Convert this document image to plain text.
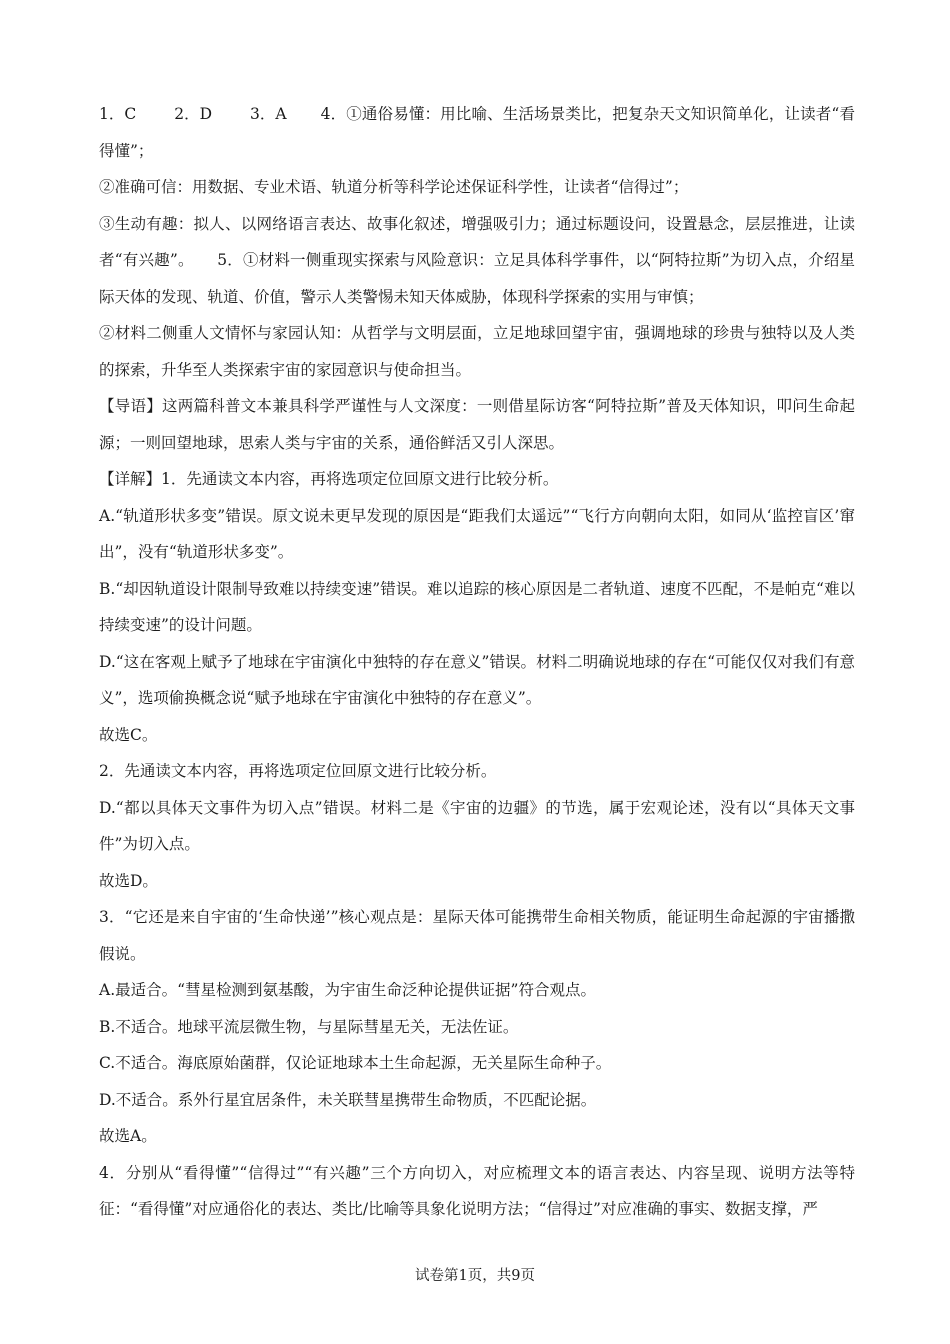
1．C 2．D 3．A 4．①通俗易懂：用比喻、生活场景类比，把复杂天文知识简单化，让读者“看得懂”；

②准确可信：用数据、专业术语、轨道分析等科学论述保证科学性，让读者“信得过”；

③生动有趣：拟人、以网络语言表达、故事化叙述，增强吸引力；通过标题设问，设置悬念，层层推进，让读者“有兴趣”。　　5．①材料一侧重现实探索与风险意识：立足具体科学事件，以“阿特拉斯”为切入点，介绍星际天体的发现、轨道、价值，警示人类警惕未知天体威胁，体现科学探索的实用与审慎；

②材料二侧重人文情怀与家园认知：从哲学与文明层面，立足地球回望宇宙，强调地球的珍贵与独特以及人类的探索，升华至人类探索宇宙的家园意识与使命担当。

【导语】这两篇科普文本兼具科学严谨性与人文深度：一则借星际访客“阿特拉斯”普及天体知识，叩问生命起源；一则回望地球，思索人类与宇宙的关系，通俗鲜活又引人深思。

【详解】1．先通读文本内容，再将选项定位回原文进行比较分析。

A.“轨道形状多变”错误。原文说未更早发现的原因是“距我们太遥远”“飞行方向朝向太阳，如同从‘监控盲区’窜出”，没有“轨道形状多变”。

B.“却因轨道设计限制导致难以持续变速”错误。难以追踪的核心原因是二者轨道、速度不匹配，不是帕克“难以持续变速”的设计问题。

D.“这在客观上赋予了地球在宇宙演化中独特的存在意义”错误。材料二明确说地球的存在“可能仅仅对我们有意义”，选项偷换概念说“赋予地球在宇宙演化中独特的存在意义”。

故选C。

2．先通读文本内容，再将选项定位回原文进行比较分析。

D.“都以具体天文事件为切入点”错误。材料二是《宇宙的边疆》的节选，属于宏观论述，没有以“具体天文事件”为切入点。

故选D。

3．“它还是来自宇宙的‘生命快递’”核心观点是：星际天体可能携带生命相关物质，能证明生命起源的宇宙播撒假说。

A.最适合。“彗星检测到氨基酸，为宇宙生命泛种论提供证据”符合观点。

B.不适合。地球平流层微生物，与星际彗星无关，无法佐证。

C.不适合。海底原始菌群，仅论证地球本土生命起源，无关星际生命种子。

D.不适合。系外行星宜居条件，未关联彗星携带生命物质，不匹配论据。

故选A。

4．分别从“看得懂”“信得过”“有兴趣”三个方向切入，对应梳理文本的语言表达、内容呈现、说明方法等特征：“看得懂”对应通俗化的表达、类比/比喻等具象化说明方法；“信得过”对应准确的事实、数据支撑，严

试卷第1页，共9页
